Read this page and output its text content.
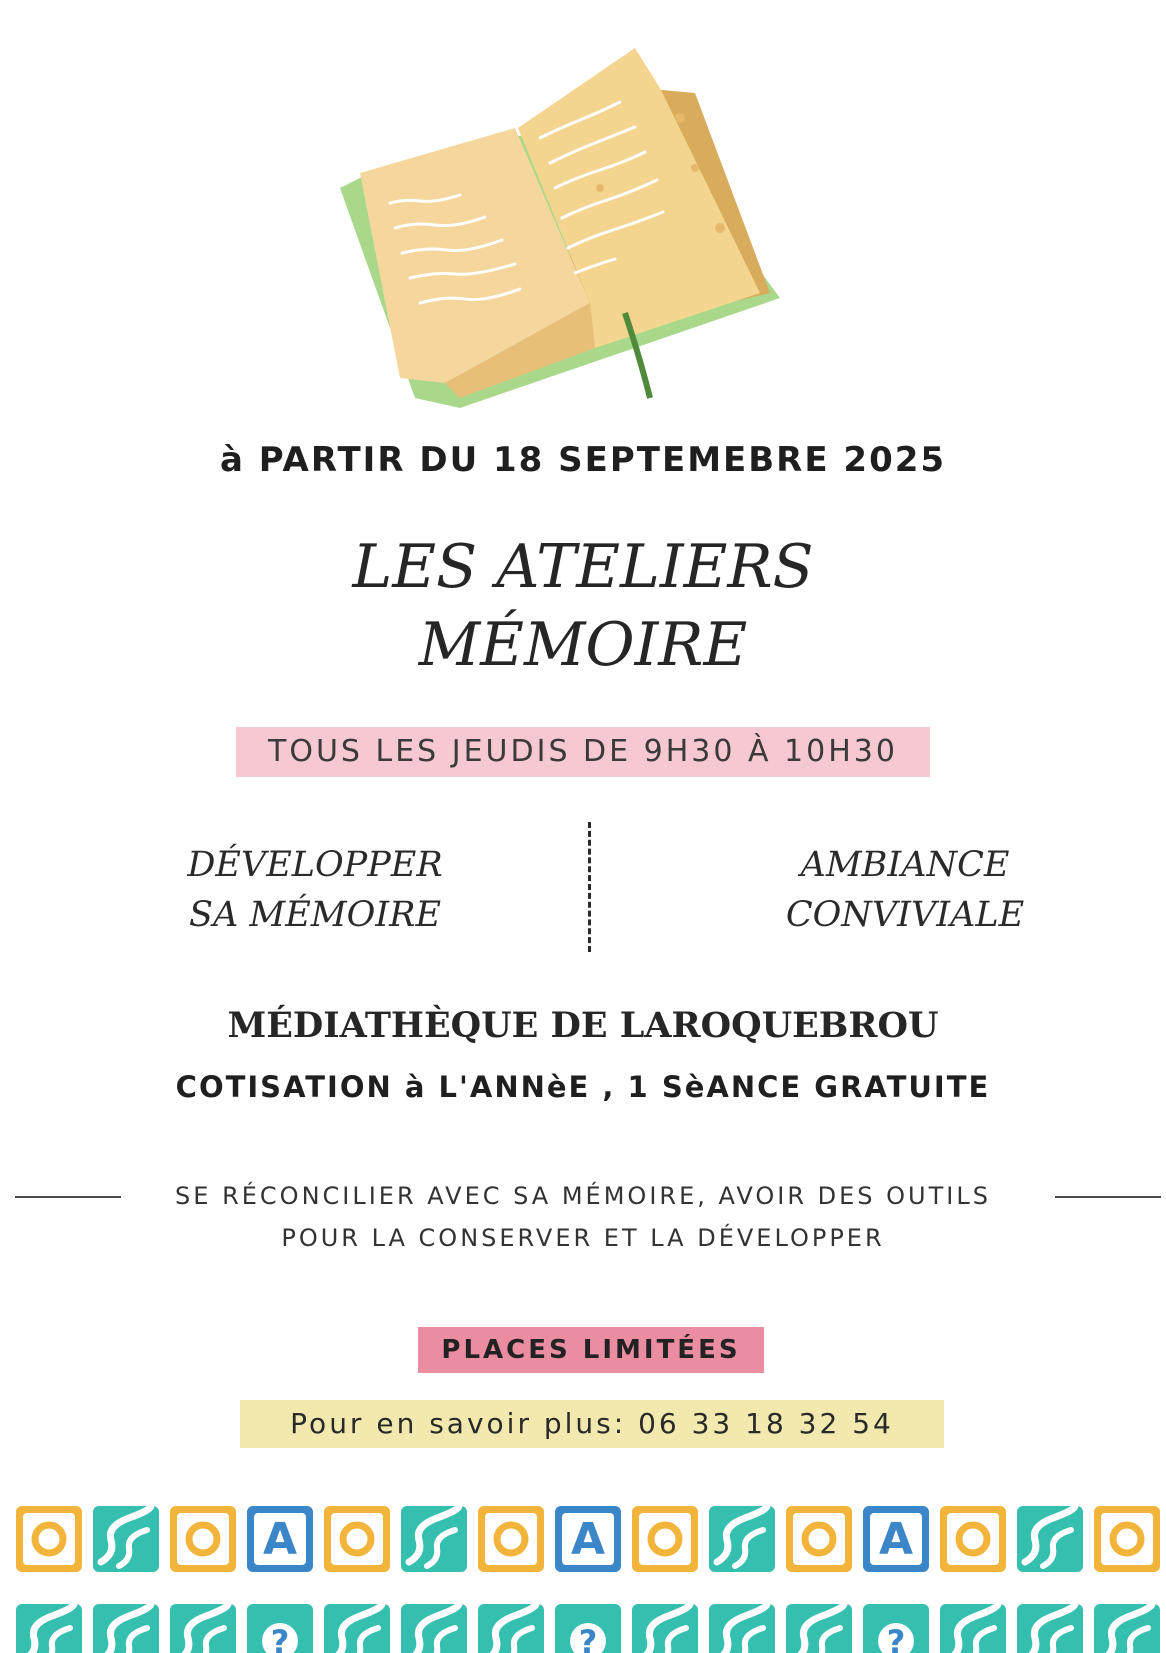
à PARTIR DU 18 SEPTEMEBRE 2025
LES ATELIERS
MÉMOIRE
TOUS LES JEUDIS DE 9H30 À 10H30
DÉVELOPPER
SA MÉMOIRE
AMBIANCE
CONVIVIALE
MÉDIATHÈQUE DE LAROQUEBROU
COTISATION à L'ANNèE , 1 SèANCE GRATUITE
SE RÉCONCILIER AVEC SA MÉMOIRE, AVOIR DES OUTILS
POUR LA CONSERVER ET LA DÉVELOPPER
PLACES LIMITÉES
Pour en savoir plus: 06 33 18 32 54
A	A	A
?	?	?
